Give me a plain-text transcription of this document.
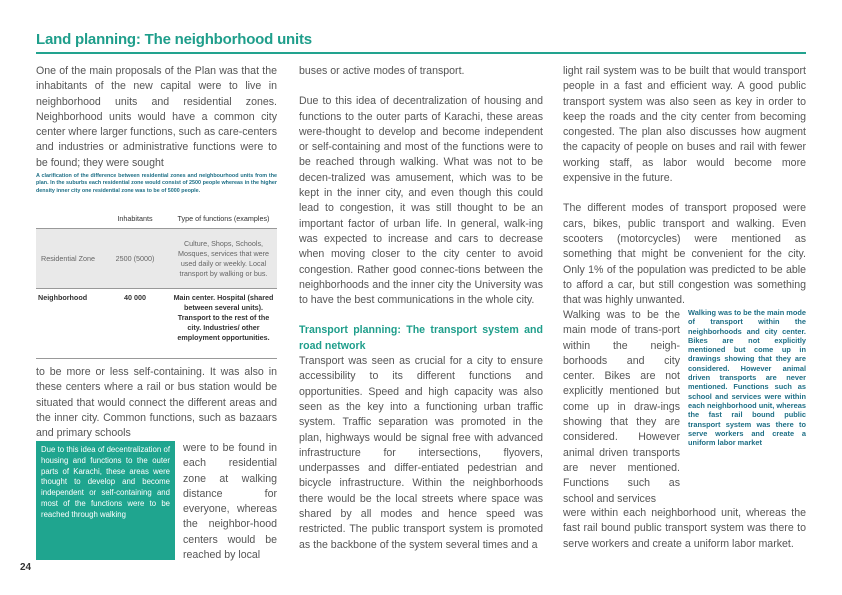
Land planning: The neighborhood units

One of the main proposals of the Plan was that the inhabitants of the new capital were to live in neighborhood units and residential zones. Neighborhood units would have a common city center where larger functions, such as care-centers and industries or administrative functions were to be found; they were sought

A clarification of the difference between residential zones and neighbourhood units from the plan. In the suburbs each residential zone would consist of 2500 people whereas in the higher density inner city one residential zone was to be of 5000 people.
	Inhabitants	Type of functions (examples)
Residential Zone	2500 (5000)	Culture, Shops, Schools, Mosques, services that were used daily or weekly. Local transport by walking or bus.
Neighborhood	40 000	Main center. Hospital (shared between several units). Transport to the rest of the city. Industries/ other employment opportunities.

to be more or less self-containing. It was also in these centers where a rail or bus station would be situated that would connect the different areas and the inner city. Common functions, such as bazaars and primary schools

Due to this idea of decentralization of housing and functions to the outer parts of Karachi, these areas were thought to develop and become independent or self-containing and most of the functions were to be reached through walking

were to be found in each residential zone at walking distance for everyone, whereas the neighbor-hood centers would be reached by local

buses or active modes of transport.

Due to this idea of decentralization of housing and functions to the outer parts of Karachi, these areas were-thought to develop and become independent or self-containing and most of the functions were to be reached through walking. What was not to be decen-tralized was amusement, which was to be kept in the inner city, and even though this could lead to congestion, it was still thought to be an important factor of urban life. In general, walk-ing was expected to increase and cars to decrease when moving closer to the city center to avoid congestion. Rather good connec-tions between the neighborhoods and the inner city the University was to have the best communications in the whole city.

Transport planning: The transport system and road network

Transport was seen as crucial for a city to ensure accessibility to its different functions and opportunities. Speed and high capacity was also seen as the key into a functioning urban traffic system. Traffic separation was promoted in the plan, highways would be signal free with advanced infrastructure for intersections, flyovers, underpasses and differ-entiated pedestrian and bicycle infrastructure. Within the neighborhoods there would be the local streets where space was shared by all modes and hence speed was restricted. The public transport system is promoted as the backbone of the system several times and a

light rail system was to be built that would transport people in a fast and efficient way. A good public transport system was also seen as key in order to keep the roads and the city center from becoming congested. The plan also discusses how augment the capacity of people on buses and rail with fewer working staff, as labor would become more expensive in the future.

The different modes of transport proposed were cars, bikes, public transport and walking. Even scooters (motorcycles) were mentioned as something that might be convenient for the city. Only 1% of the population was predicted to be able to afford a car, but still congestion was something that was highly unwanted.

Walking was to be the main mode of trans-port within the neigh-borhoods and city center. Bikes are not explicitly mentioned but come up in draw-ings showing that they are considered. However animal driven transports are never mentioned. Functions such as school and services

Walking was to be the main mode of transport within the neighborhoods and city center. Bikes are not explicitly mentioned but come up in drawings showing that they are considered. However animal driven transports are never mentioned. Functions such as school and services were within each neighborhood unit, whereas the fast rail bound public transport system was there to serve workers and create a uniform labor market

were within each neighborhood unit, whereas the fast rail bound public transport system was there to serve workers and create a uniform labor market.

24
